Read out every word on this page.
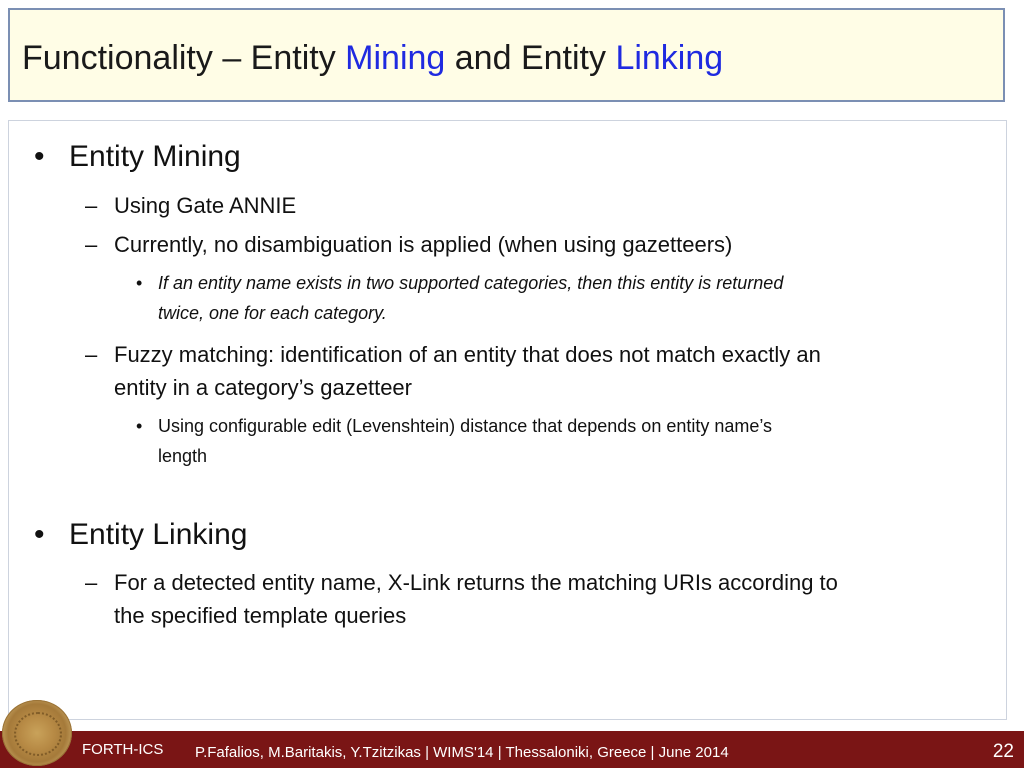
Functionality – Entity Mining and Entity Linking
• Entity Mining
– Using Gate ANNIE
– Currently, no disambiguation is applied (when using gazetteers)
• If an entity name exists in two supported categories, then this entity is returned
twice, one for each category.
– Fuzzy matching: identification of an entity that does not match exactly an
entity in a category’s gazetteer
• Using configurable edit (Levenshtein) distance that depends on entity name’s
length
• Entity Linking
– For a detected entity name, X-Link returns the matching URIs according to
the specified template queries
FORTH-ICS P.Fafalios, M.Baritakis, Y.Tzitzikas | WIMS'14 | Thessaloniki, Greece | June 2014	22
